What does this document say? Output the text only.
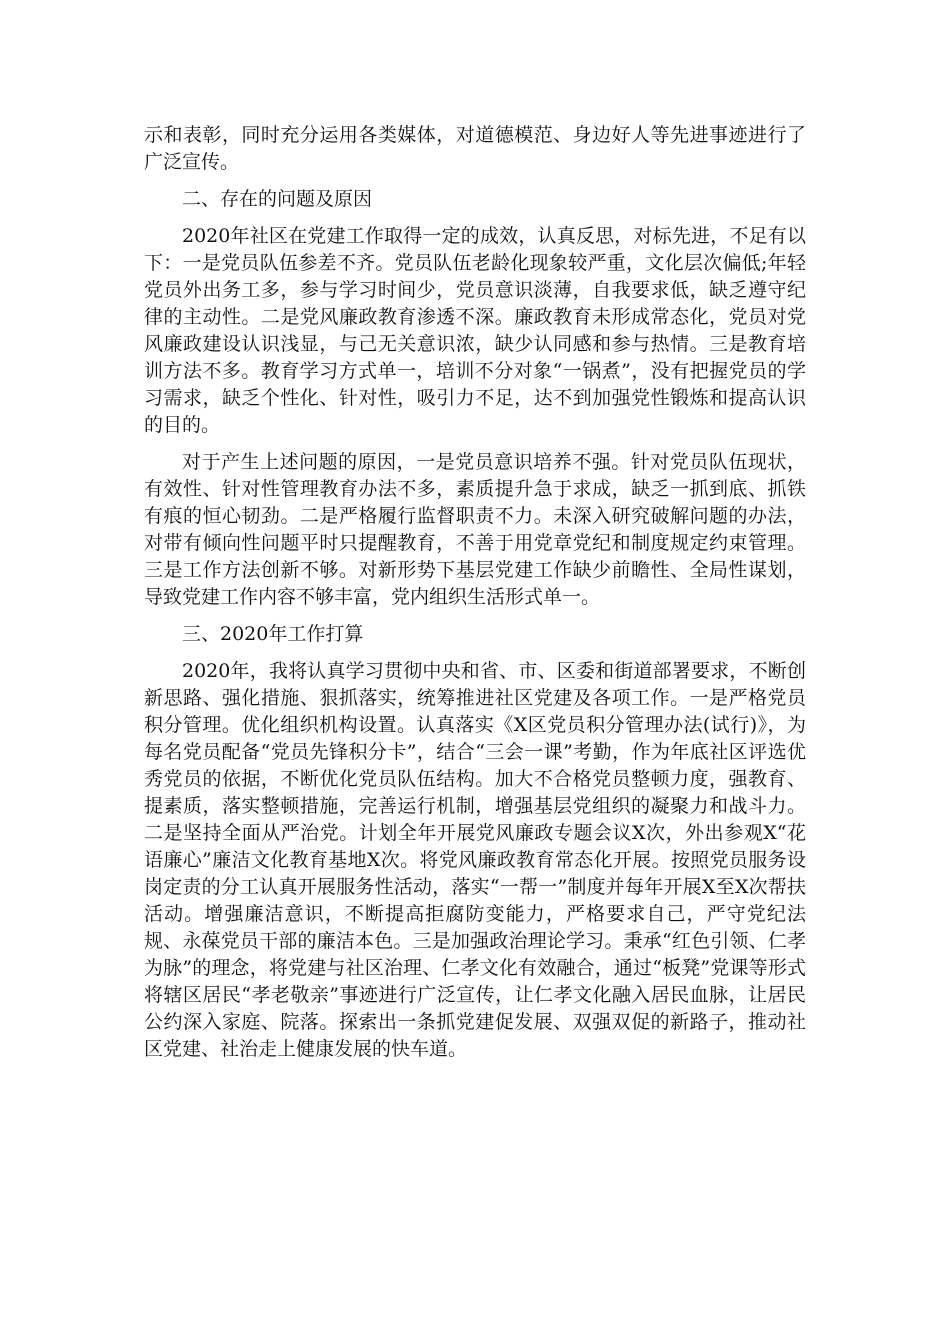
示和表彰，同时充分运用各类媒体，对道德模范、身边好人等先进事迹进行了广泛宣传。

二、存在的问题及原因

2020年社区在党建工作取得一定的成效，认真反思，对标先进，不足有以下：一是党员队伍参差不齐。党员队伍老龄化现象较严重，文化层次偏低;年轻党员外出务工多，参与学习时间少，党员意识淡薄，自我要求低，缺乏遵守纪律的主动性。二是党风廉政教育渗透不深。廉政教育未形成常态化，党员对党风廉政建设认识浅显，与己无关意识浓，缺少认同感和参与热情。三是教育培训方法不多。教育学习方式单一，培训不分对象“一锅煮”，没有把握党员的学习需求，缺乏个性化、针对性，吸引力不足，达不到加强党性锻炼和提高认识的目的。

对于产生上述问题的原因，一是党员意识培养不强。针对党员队伍现状，有效性、针对性管理教育办法不多，素质提升急于求成，缺乏一抓到底、抓铁有痕的恒心韧劲。二是严格履行监督职责不力。未深入研究破解问题的办法，对带有倾向性问题平时只提醒教育，不善于用党章党纪和制度规定约束管理。三是工作方法创新不够。对新形势下基层党建工作缺少前瞻性、全局性谋划，导致党建工作内容不够丰富，党内组织生活形式单一。

三、2020年工作打算

2020年，我将认真学习贯彻中央和省、市、区委和街道部署要求，不断创新思路、强化措施、狠抓落实，统筹推进社区党建及各项工作。一是严格党员积分管理。优化组织机构设置。认真落实《X区党员积分管理办法(试行)》，为每名党员配备“党员先锋积分卡”，结合“三会一课”考勤，作为年底社区评选优秀党员的依据，不断优化党员队伍结构。加大不合格党员整顿力度，强教育、提素质，落实整顿措施，完善运行机制，增强基层党组织的凝聚力和战斗力。二是坚持全面从严治党。计划全年开展党风廉政专题会议X次，外出参观X“花语廉心”廉洁文化教育基地X次。将党风廉政教育常态化开展。按照党员服务设岗定责的分工认真开展服务性活动，落实“一帮一”制度并每年开展X至X次帮扶活动。增强廉洁意识，不断提高拒腐防变能力，严格要求自己，严守党纪法规、永葆党员干部的廉洁本色。三是加强政治理论学习。秉承“红色引领、仁孝为脉”的理念，将党建与社区治理、仁孝文化有效融合，通过“板凳”党课等形式将辖区居民“孝老敬亲”事迹进行广泛宣传，让仁孝文化融入居民血脉，让居民公约深入家庭、院落。探索出一条抓党建促发展、双强双促的新路子，推动社区党建、社治走上健康发展的快车道。
